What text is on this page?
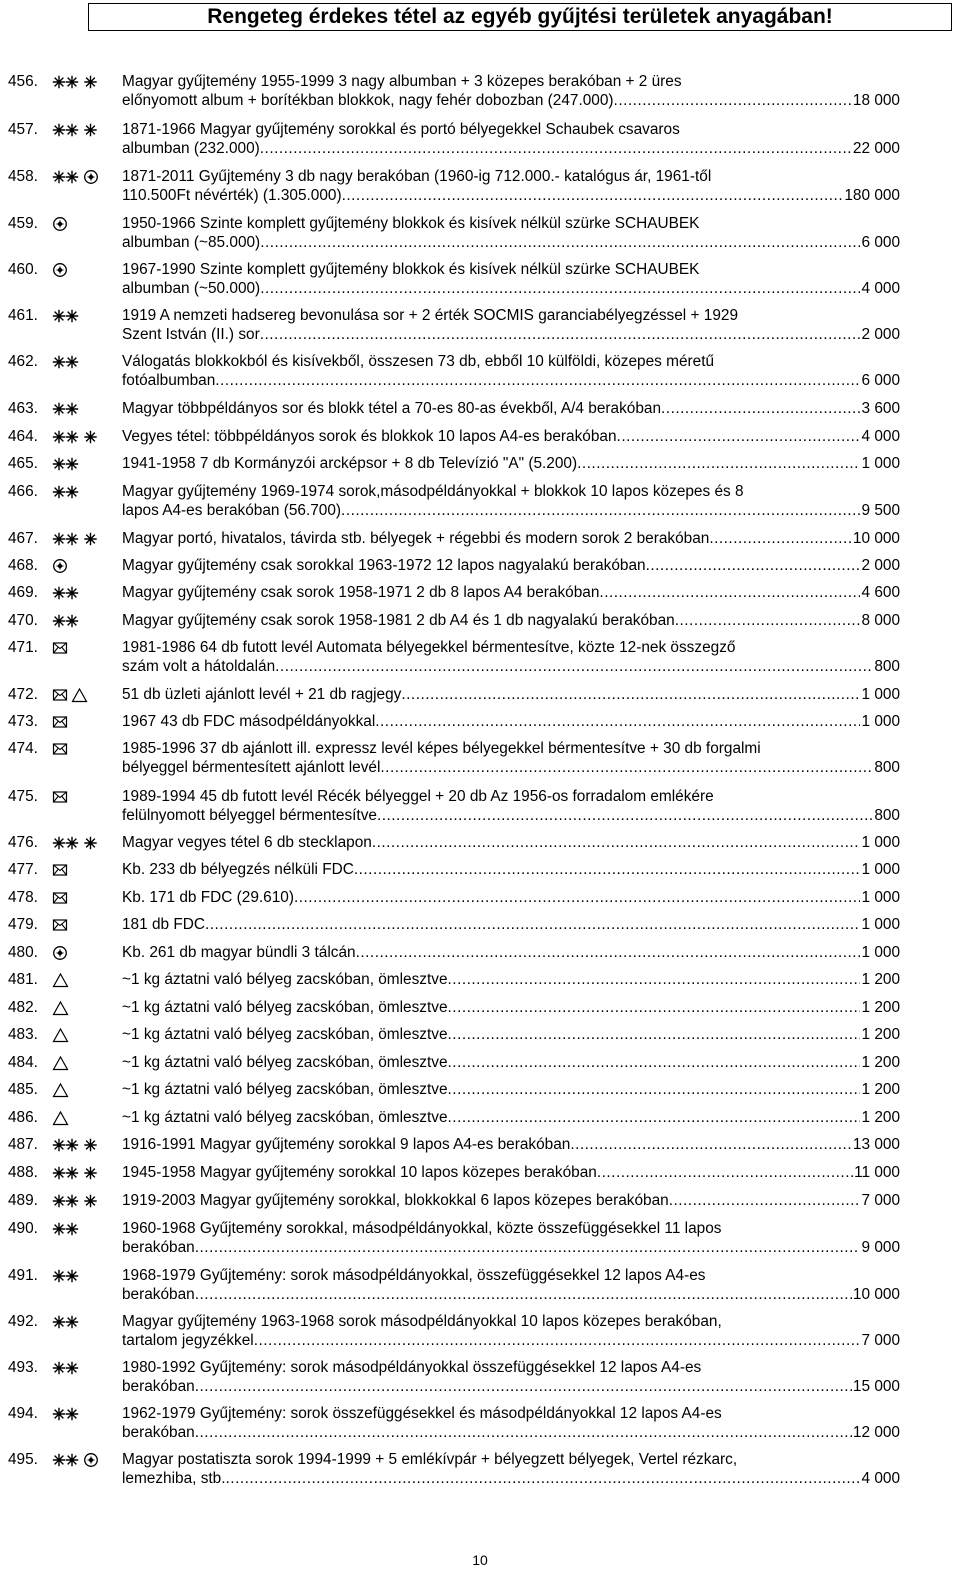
Rengeteg érdekes tétel az egyéb gyűjtési területek anyagában!
456.	Magyar gyűjtemény 1955-1999 3 nagy albumban + 3 közepes berakóban + 2 üres
előnyomott album + borítékban blokkok, nagy fehér dobozban (247.000) .....	18 000
457.	1871-1966 Magyar gyűjtemény sorokkal és portó bélyegekkel Schaubek csavaros
albumban (232.000) .....	22 000
458.	1871-2011 Gyűjtemény 3 db nagy berakóban (1960-ig 712.000.- katalógus ár, 1961-től
110.500Ft névérték) (1.305.000) .....	180 000
459.	1950-1966 Szinte komplett gyűjtemény blokkok és kisívek nélkül szürke SCHAUBEK
albumban (~85.000) .....	6 000
460.	1967-1990 Szinte komplett gyűjtemény blokkok és kisívek nélkül szürke SCHAUBEK
albumban (~50.000) .....	4 000
461.	1919 A nemzeti hadsereg bevonulása sor + 2 érték SOCMIS garanciabélyegzéssel + 1929
Szent István (II.) sor .....	2 000
462.	Válogatás blokkokból és kisívekből, összesen 73 db, ebből 10 külföldi, közepes méretű
fotóalbumban .....	6 000
463.	Magyar többpéldányos sor és blokk tétel a 70-es 80-as évekből, A/4 berakóban .....	3 600
464.	Vegyes tétel: többpéldányos sorok és blokkok 10 lapos A4-es berakóban .....	4 000
465.	1941-1958 7 db Kormányzói arcképsor + 8 db Televízió "A" (5.200) .....	1 000
466.	Magyar gyűjtemény 1969-1974 sorok,másodpéldányokkal + blokkok 10 lapos közepes és 8
lapos A4-es berakóban (56.700) .....	9 500
467.	Magyar portó, hivatalos, távirda stb. bélyegek + régebbi és modern sorok 2 berakóban .....	10 000
468.	Magyar gyűjtemény csak sorokkal 1963-1972 12 lapos nagyalakú berakóban .....	2 000
469.	Magyar gyűjtemény csak sorok 1958-1971 2 db 8 lapos A4 berakóban .....	4 600
470.	Magyar gyűjtemény csak sorok 1958-1981 2 db A4 és 1 db nagyalakú berakóban .....	8 000
471.	1981-1986 64 db futott levél Automata bélyegekkel bérmentesítve, közte 12-nek összegző
szám volt a hátoldalán .....	800
472.	51 db üzleti ajánlott levél + 21 db ragjegy .....	1 000
473.	1967 43 db FDC másodpéldányokkal .....	1 000
474.	1985-1996 37 db ajánlott ill. expressz levél képes bélyegekkel bérmentesítve + 30 db forgalmi
bélyeggel bérmentesített ajánlott levél .....	800
475.	1989-1994 45 db futott levél Récék bélyeggel + 20 db Az 1956-os forradalom emlékére
felülnyomott bélyeggel bérmentesítve .....	800
476.	Magyar vegyes tétel 6 db stecklapon .....	1 000
477.	Kb. 233 db bélyegzés nélküli FDC .....	1 000
478.	Kb. 171 db FDC (29.610) .....	1 000
479.	181 db FDC .....	1 000
480.	Kb. 261 db magyar bündli 3 tálcán .....	1 000
481.	~1 kg áztatni való bélyeg zacskóban, ömlesztve .....	1 200
482.	~1 kg áztatni való bélyeg zacskóban, ömlesztve .....	1 200
483.	~1 kg áztatni való bélyeg zacskóban, ömlesztve .....	1 200
484.	~1 kg áztatni való bélyeg zacskóban, ömlesztve .....	1 200
485.	~1 kg áztatni való bélyeg zacskóban, ömlesztve .....	1 200
486.	~1 kg áztatni való bélyeg zacskóban, ömlesztve .....	1 200
487.	1916-1991 Magyar gyűjtemény sorokkal 9 lapos A4-es berakóban .....	13 000
488.	1945-1958 Magyar gyűjtemény sorokkal 10 lapos közepes berakóban .....	11 000
489.	1919-2003 Magyar gyűjtemény sorokkal, blokkokkal 6 lapos közepes berakóban .....	7 000
490.	1960-1968 Gyűjtemény sorokkal, másodpéldányokkal, közte összefüggésekkel 11 lapos
berakóban .....	9 000
491.	1968-1979 Gyűjtemény: sorok másodpéldányokkal, összefüggésekkel 12 lapos A4-es
berakóban .....	10 000
492.	Magyar gyűjtemény 1963-1968 sorok másodpéldányokkal 10 lapos közepes berakóban,
tartalom jegyzékkel .....	7 000
493.	1980-1992 Gyűjtemény: sorok másodpéldányokkal összefüggésekkel 12 lapos A4-es
berakóban .....	15 000
494.	1962-1979 Gyűjtemény: sorok összefüggésekkel és másodpéldányokkal 12 lapos A4-es
berakóban .....	12 000
495.	Magyar postatiszta sorok 1994-1999 + 5 emlékívpár + bélyegzett bélyegek, Vertel rézkarc,
lemezhiba, stb. .....	4 000
10
